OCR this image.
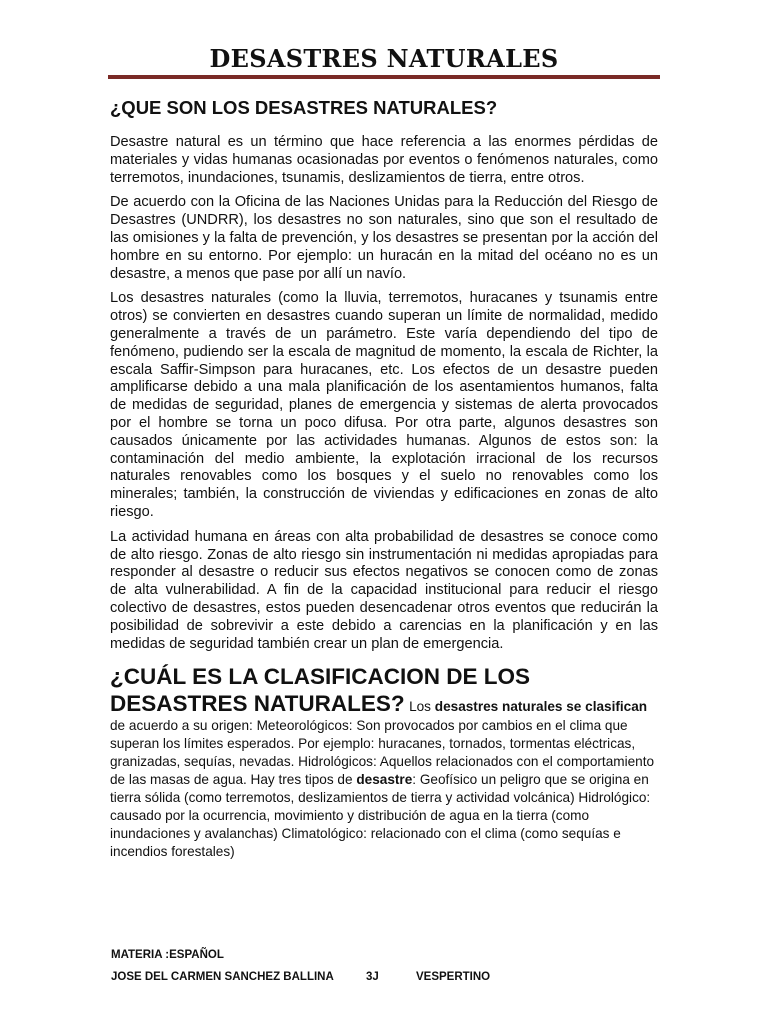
DESASTRES NATURALES
¿QUE SON LOS DESASTRES NATURALES?

Desastre natural es un término que hace referencia a las enormes pérdidas de materiales y vidas humanas ocasionadas por eventos o fenómenos naturales, como terremotos, inundaciones, tsunamis, deslizamientos de tierra, entre otros.

De acuerdo con la Oficina de las Naciones Unidas para la Reducción del Riesgo de Desastres (UNDRR), los desastres no son naturales, sino que son el resultado de las omisiones y la falta de prevención, y los desastres se presentan por la acción del hombre en su entorno. Por ejemplo: un huracán en la mitad del océano no es un desastre, a menos que pase por allí un navío.

Los desastres naturales (como la lluvia, terremotos, huracanes y tsunamis entre otros) se convierten en desastres cuando superan un límite de normalidad, medido generalmente a través de un parámetro. Este varía dependiendo del tipo de fenómeno, pudiendo ser la escala de magnitud de momento, la escala de Richter, la escala Saffir-Simpson para huracanes, etc. Los efectos de un desastre pueden amplificarse debido a una mala planificación de los asentamientos humanos, falta de medidas de seguridad, planes de emergencia y sistemas de alerta provocados por el hombre se torna un poco difusa. Por otra parte, algunos desastres son causados únicamente por las actividades humanas. Algunos de estos son: la contaminación del medio ambiente, la explotación irracional de los recursos naturales renovables como los bosques y el suelo no renovables como los minerales; también, la construcción de viviendas y edificaciones en zonas de alto riesgo.

La actividad humana en áreas con alta probabilidad de desastres se conoce como de alto riesgo. Zonas de alto riesgo sin instrumentación ni medidas apropiadas para responder al desastre o reducir sus efectos negativos se conocen como de zonas de alta vulnerabilidad. A fin de la capacidad institucional para reducir el riesgo colectivo de desastres, estos pueden desencadenar otros eventos que reducirán la posibilidad de sobrevivir a este debido a carencias en la planificación y en las medidas de seguridad también crear un plan de emergencia.

¿CUÁL ES LA CLASIFICACION DE LOS DESASTRES NATURALES? Los desastres naturales se clasifican de acuerdo a su origen: Meteorológicos: Son provocados por cambios en el clima que superan los límites esperados. Por ejemplo: huracanes, tornados, tormentas eléctricas, granizadas, sequías, nevadas. Hidrológicos: Aquellos relacionados con el comportamiento de las masas de agua. Hay tres tipos de desastre: Geofísico un peligro que se origina en tierra sólida (como terremotos, deslizamientos de tierra y actividad volcánica) Hidrológico: causado por la ocurrencia, movimiento y distribución de agua en la tierra (como inundaciones y avalanchas) Climatológico: relacionado con el clima (como sequías e incendios forestales)
MATERIA :ESPAÑOL
JOSE DEL CARMEN SANCHEZ BALLINA	3J	VESPERTINO
